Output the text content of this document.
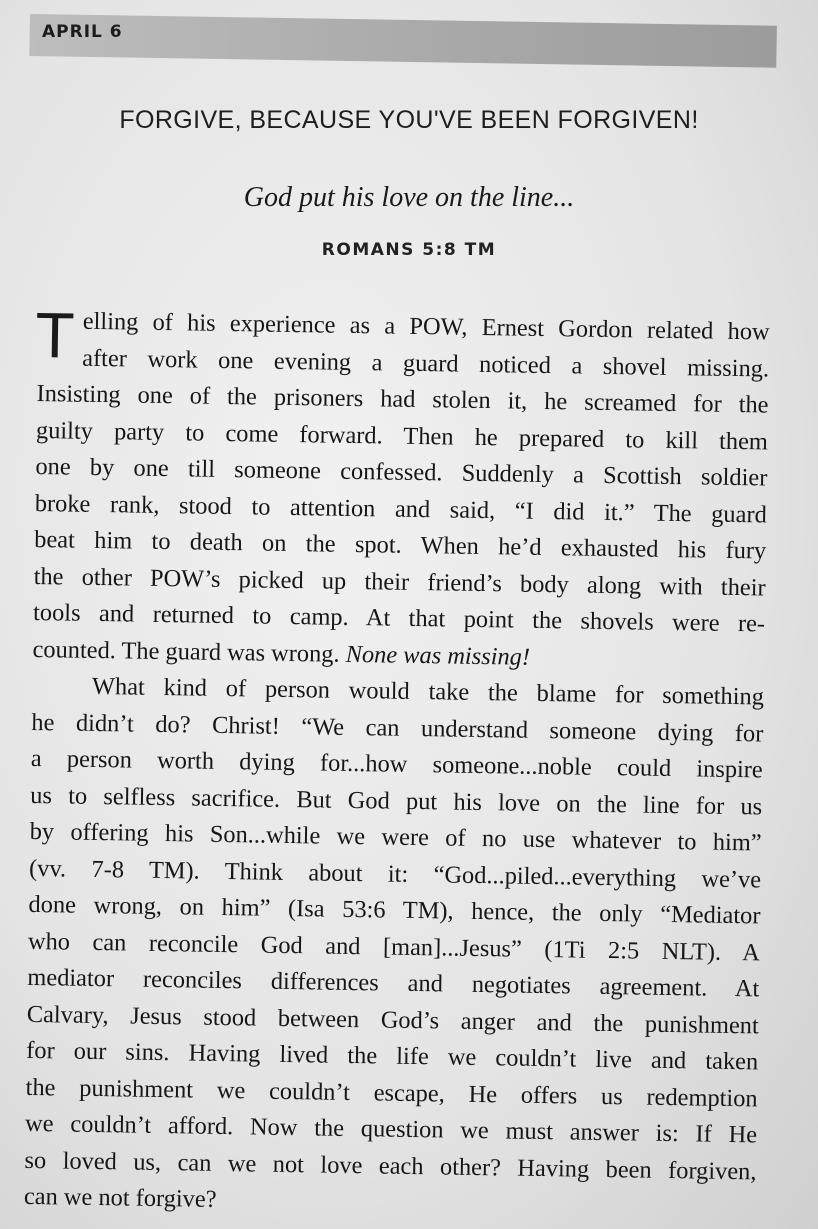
APRIL 6
FORGIVE, BECAUSE YOU'VE BEEN FORGIVEN!
God put his love on the line...
ROMANS 5:8 TM
T elling of his experience as a POW, Ernest Gordon related how
after work one evening a guard noticed a shovel missing.
Insisting one of the prisoners had stolen it, he screamed for the
guilty party to come forward. Then he prepared to kill them
one by one till someone confessed. Suddenly a Scottish soldier
broke rank, stood to attention and said, “I did it.” The guard
beat him to death on the spot. When he’d exhausted his fury
the other POW’s picked up their friend’s body along with their
tools and returned to camp. At that point the shovels were re-
counted. The guard was wrong. None was missing!
What kind of person would take the blame for something
he didn’t do? Christ! “We can understand someone dying for
a person worth dying for...how someone...noble could inspire
us to selfless sacrifice. But God put his love on the line for us
by offering his Son...while we were of no use whatever to him”
(vv. 7-8 TM). Think about it: “God...piled...everything we’ve
done wrong, on him” (Isa 53:6 TM), hence, the only “Mediator
who can reconcile God and [man]...Jesus” (1Ti 2:5 NLT). A
mediator reconciles differences and negotiates agreement. At
Calvary, Jesus stood between God’s anger and the punishment
for our sins. Having lived the life we couldn’t live and taken
the punishment we couldn’t escape, He offers us redemption
we couldn’t afford. Now the question we must answer is: If He
so loved us, can we not love each other? Having been forgiven,
can we not forgive?
